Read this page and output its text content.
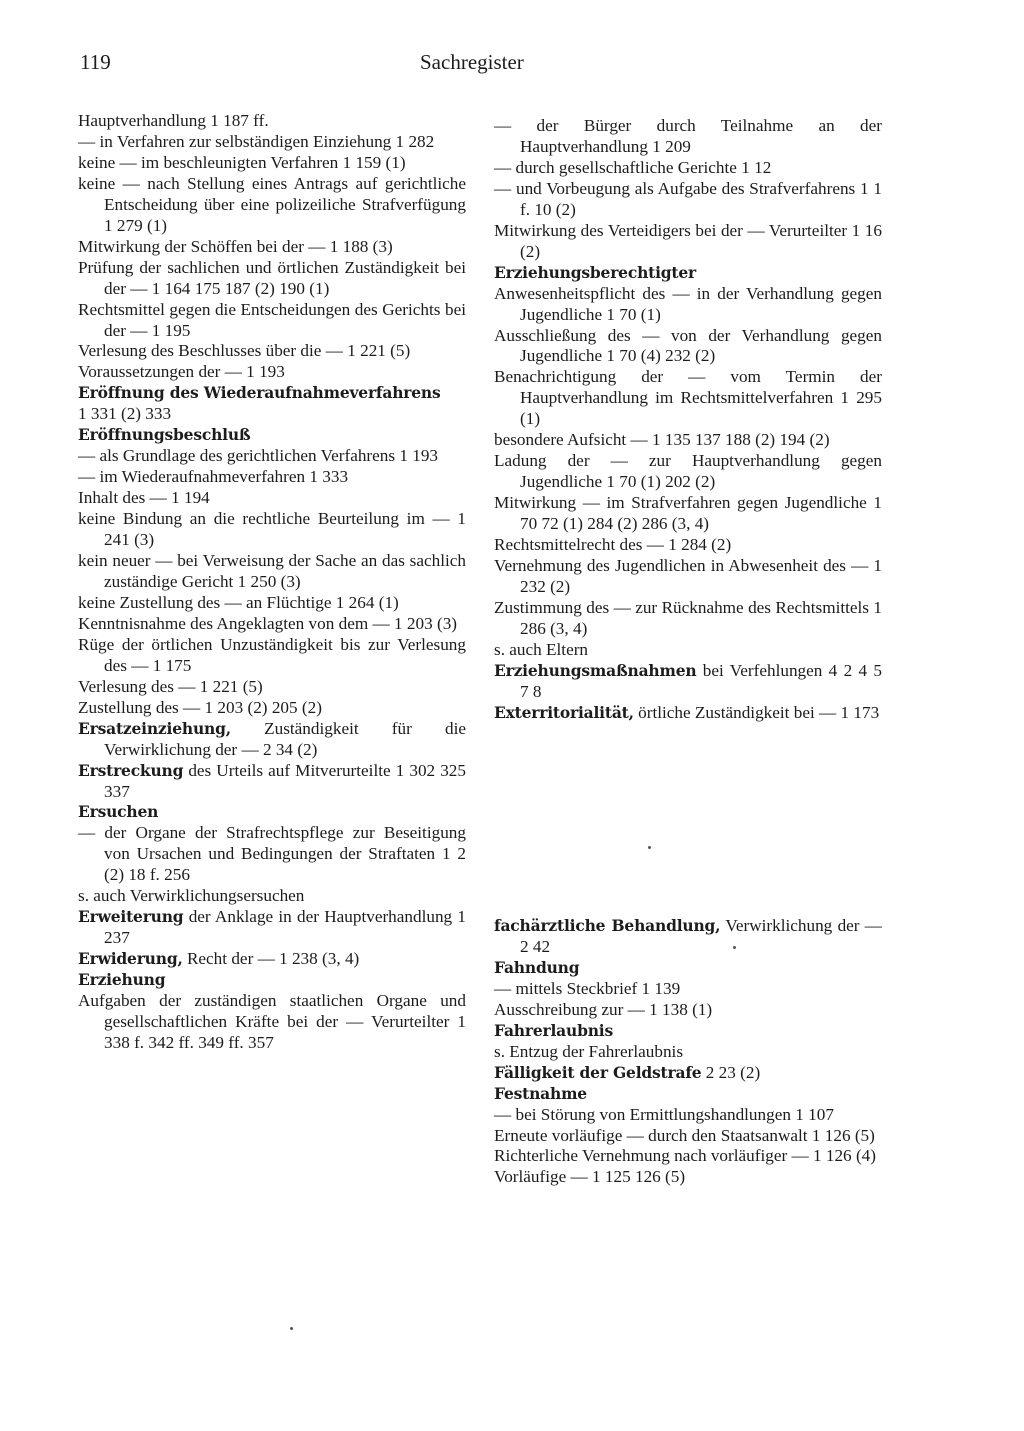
119	Sachregister

Hauptverhandlung 1 187 ff.

— in Verfahren zur selbständigen Einziehung 1 282

keine — im beschleunigten Verfahren 1 159 (1)

keine — nach Stellung eines Antrags auf gerichtliche Entscheidung über eine polizeiliche Strafverfügung 1 279 (1)

Mitwirkung der Schöffen bei der — 1 188 (3)

Prüfung der sachlichen und örtlichen Zuständigkeit bei der — 1 164 175 187 (2) 190 (1)

Rechtsmittel gegen die Entscheidungen des Gerichts bei der — 1 195

Verlesung des Beschlusses über die — 1 221 (5)

Voraussetzungen der — 1 193

Eröffnung des Wiederaufnahmeverfahrens

1 331 (2) 333

Eröffnungsbeschluß

— als Grundlage des gerichtlichen Verfahrens 1 193

— im Wiederaufnahmeverfahren 1 333

Inhalt des — 1 194

keine Bindung an die rechtliche Beurteilung im — 1 241 (3)

kein neuer — bei Verweisung der Sache an das sachlich zuständige Gericht 1 250 (3)

keine Zustellung des — an Flüchtige 1 264 (1)

Kenntnisnahme des Angeklagten von dem — 1 203 (3)

Rüge der örtlichen Unzuständigkeit bis zur Verlesung des — 1 175

Verlesung des — 1 221 (5)

Zustellung des — 1 203 (2) 205 (2)

Ersatzeinziehung, Zuständigkeit für die Verwirklichung der — 2 34 (2)

Erstreckung des Urteils auf Mitverurteilte 1 302 325 337

Ersuchen

— der Organe der Strafrechtspflege zur Beseitigung von Ursachen und Bedingungen der Straftaten 1 2 (2) 18 f. 256

s. auch Verwirklichungsersuchen

Erweiterung der Anklage in der Hauptverhandlung 1 237

Erwiderung, Recht der — 1 238 (3, 4)

Erziehung

Aufgaben der zuständigen staatlichen Organe und gesellschaftlichen Kräfte bei der — Verurteilter 1 338 f. 342 ff. 349 ff. 357

— der Bürger durch Teilnahme an der Hauptverhandlung 1 209

— durch gesellschaftliche Gerichte 1 12

— und Vorbeugung als Aufgabe des Strafverfahrens 1 1 f. 10 (2)

Mitwirkung des Verteidigers bei der — Verurteilter 1 16 (2)

Erziehungsberechtigter

Anwesenheitspflicht des — in der Verhandlung gegen Jugendliche 1 70 (1)

Ausschließung des — von der Verhandlung gegen Jugendliche 1 70 (4) 232 (2)

Benachrichtigung der — vom Termin der Hauptverhandlung im Rechtsmittelverfahren 1 295 (1)

besondere Aufsicht — 1 135 137 188 (2) 194 (2)

Ladung der — zur Hauptverhandlung gegen Jugendliche 1 70 (1) 202 (2)

Mitwirkung — im Strafverfahren gegen Jugendliche 1 70 72 (1) 284 (2) 286 (3, 4)

Rechtsmittelrecht des — 1 284 (2)

Vernehmung des Jugendlichen in Abwesenheit des — 1 232 (2)

Zustimmung des — zur Rücknahme des Rechtsmittels 1 286 (3, 4)

s. auch Eltern

Erziehungsmaßnahmen bei Verfehlungen 4 2 4 5 7 8

Exterritorialität, örtliche Zuständigkeit bei — 1 173

fachärztliche Behandlung, Verwirklichung der — 2 42

Fahndung

— mittels Steckbrief 1 139

Ausschreibung zur — 1 138 (1)

Fahrerlaubnis

s. Entzug der Fahrerlaubnis

Fälligkeit der Geldstrafe 2 23 (2)

Festnahme

— bei Störung von Ermittlungshandlungen 1 107

Erneute vorläufige — durch den Staatsanwalt 1 126 (5)

Richterliche Vernehmung nach vorläufiger — 1 126 (4)

Vorläufige — 1 125 126 (5)
